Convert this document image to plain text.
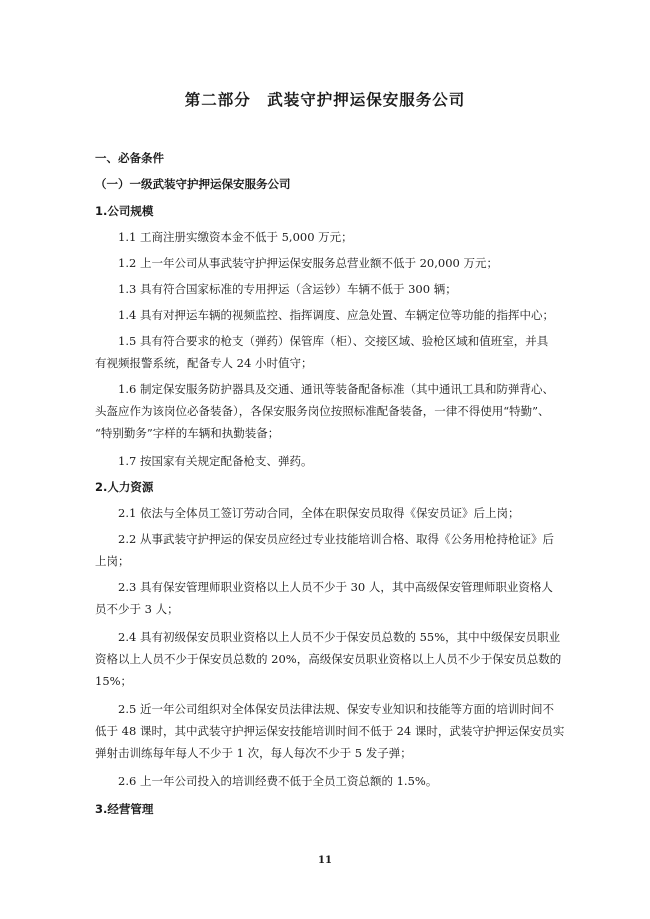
第二部分　武装守护押运保安服务公司
一、必备条件
（一）一级武装守护押运保安服务公司
1.公司规模
1.1 工商注册实缴资本金不低于 5,000 万元；
1.2 上一年公司从事武装守护押运保安服务总营业额不低于 20,000 万元；
1.3 具有符合国家标准的专用押运（含运钞）车辆不低于 300 辆；
1.4 具有对押运车辆的视频监控、指挥调度、应急处置、车辆定位等功能的指挥中心；
1.5 具有符合要求的枪支（弹药）保管库（柜）、交接区域、验枪区域和值班室，并具
有视频报警系统，配备专人 24 小时值守；
1.6 制定保安服务防护器具及交通、通讯等装备配备标准（其中通讯工具和防弹背心、
头盔应作为该岗位必备装备），各保安服务岗位按照标准配备装备，一律不得使用“特勤”、
“特别勤务”字样的车辆和执勤装备；
1.7 按国家有关规定配备枪支、弹药。
2.人力资源
2.1 依法与全体员工签订劳动合同，全体在职保安员取得《保安员证》后上岗；
2.2 从事武装守护押运的保安员应经过专业技能培训合格、取得《公务用枪持枪证》后
上岗；
2.3 具有保安管理师职业资格以上人员不少于 30 人，其中高级保安管理师职业资格人
员不少于 3 人；
2.4 具有初级保安员职业资格以上人员不少于保安员总数的 55%，其中中级保安员职业
资格以上人员不少于保安员总数的 20%，高级保安员职业资格以上人员不少于保安员总数的
15%；
2.5 近一年公司组织对全体保安员法律法规、保安专业知识和技能等方面的培训时间不
低于 48 课时，其中武装守护押运保安技能培训时间不低于 24 课时，武装守护押运保安员实
弹射击训练每年每人不少于 1 次，每人每次不少于 5 发子弹；
2.6 上一年公司投入的培训经费不低于全员工资总额的 1.5%。
3.经营管理
11
